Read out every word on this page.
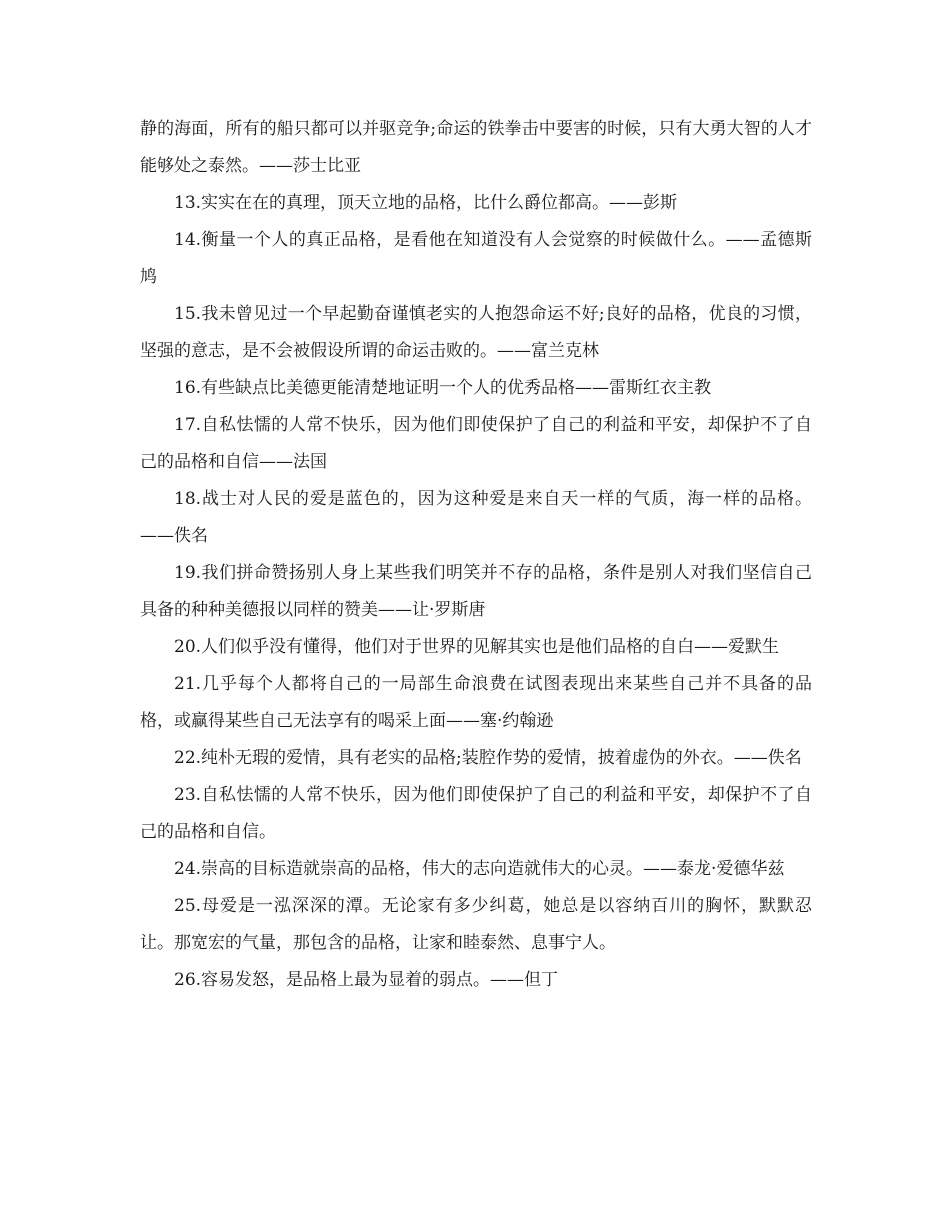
静的海面，所有的船只都可以并驱竞争;命运的铁拳击中要害的时候，只有大勇大智的人才能够处之泰然。——莎士比亚

13.实实在在的真理，顶天立地的品格，比什么爵位都高。——彭斯

14.衡量一个人的真正品格，是看他在知道没有人会觉察的时候做什么。——孟德斯鸠

15.我未曾见过一个早起勤奋谨慎老实的人抱怨命运不好;良好的品格，优良的习惯，坚强的意志，是不会被假设所谓的命运击败的。——富兰克林

16.有些缺点比美德更能清楚地证明一个人的优秀品格——雷斯红衣主教

17.自私怯懦的人常不快乐，因为他们即使保护了自己的利益和平安，却保护不了自己的品格和自信——法国

18.战士对人民的爱是蓝色的，因为这种爱是来自天一样的气质，海一样的品格。——佚名

19.我们拼命赞扬别人身上某些我们明笑并不存的品格，条件是别人对我们坚信自己具备的种种美德报以同样的赞美——让·罗斯唐

20.人们似乎没有懂得，他们对于世界的见解其实也是他们品格的自白——爱默生

21.几乎每个人都将自己的一局部生命浪费在试图表现出来某些自己并不具备的品格，或赢得某些自己无法享有的喝采上面——塞·约翰逊

22.纯朴无瑕的爱情，具有老实的品格;装腔作势的爱情，披着虚伪的外衣。——佚名

23.自私怯懦的人常不快乐，因为他们即使保护了自己的利益和平安，却保护不了自己的品格和自信。

24.崇高的目标造就崇高的品格，伟大的志向造就伟大的心灵。——泰龙·爱德华兹

25.母爱是一泓深深的潭。无论家有多少纠葛，她总是以容纳百川的胸怀，默默忍让。那宽宏的气量，那包含的品格，让家和睦泰然、息事宁人。

26.容易发怒，是品格上最为显着的弱点。——但丁
